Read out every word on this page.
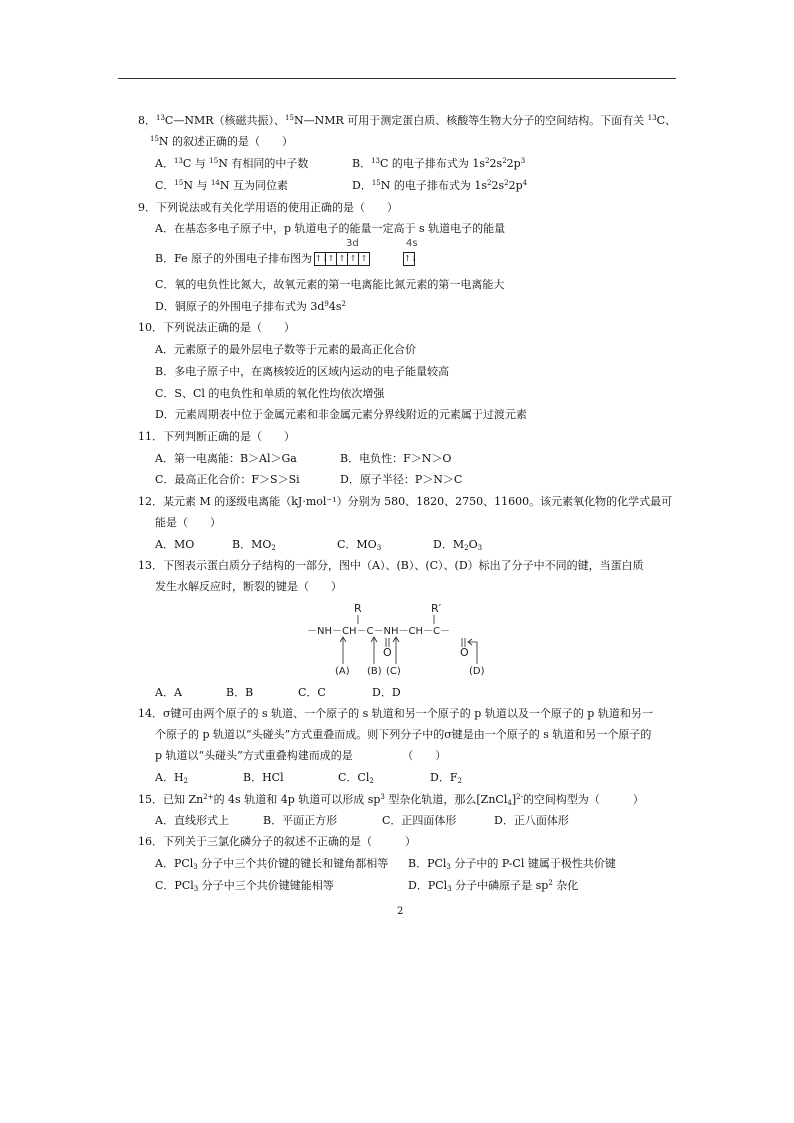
8．$^{13}$C—NMR（核磁共振）、$^{15}$N—NMR 可用于测定蛋白质、核酸等生物大分子的空间结构。下面有关 $^{13}$C、
$^{15}$N 的叙述正确的是（　　）
A．$^{13}$C 与 $^{15}$N 有相同的中子数	B．$^{13}$C 的电子排布式为 $1s^22s^22p^3$
C．$^{15}$N 与 $^{14}$N 互为同位素	D．$^{15}$N 的电子排布式为 $1s^22s^22p^4$
9．下列说法或有关化学用语的使用正确的是（　　）
A．在基态多电子原子中，p 轨道电子的能量一定高于 s 轨道电子的能量
B．Fe 原子的外围电子排布图为
3d	4s
↑↓↑ ↑ ↑ ↑	↑↓
C．氧的电负性比氮大，故氧元素的第一电离能比氮元素的第一电离能大
D．铜原子的外围电子排布式为 $3d^94s^2$
10．下列说法正确的是（　　）
A．元素原子的最外层电子数等于元素的最高正化合价
B．多电子原子中，在离核较近的区域内运动的电子能量较高
C．S、Cl 的电负性和单质的氧化性均依次增强
D．元素周期表中位于金属元素和非金属元素分界线附近的元素属于过渡元素
11．下列判断正确的是（　　）
A．第一电离能：B＞Al＞Ga	B．电负性：F＞N＞O
C．最高正化合价：F＞S＞Si	D．原子半径：P＞N＞C
12．某元素 M 的逐级电离能（kJ·mol⁻¹）分别为 580、1820、2750、11600。该元素氧化物的化学式最可
能是（　　）
A．MO	B．$MO_2$	C．$MO_3$	D．$M_2O_3$
13．下图表示蛋白质分子结构的一部分，图中（A）、(B）、(C）、(D）标出了分子中不同的键，当蛋白质
发生水解反应时，断裂的键是（　　）
R	R′
－NH－CH－C－NH－CH－C－
O	O
(A) (B) (C)	(D)
A．A	B．B	C．C	D．D
14．σ键可由两个原子的 s 轨道、一个原子的 s 轨道和另一个原子的 p 轨道以及一个原子的 p 轨道和另一
个原子的 p 轨道以“头碰头”方式重叠而成。则下列分子中的σ键是由一个原子的 s 轨道和另一个原子的
p 轨道以“头碰头”方式重叠构建而成的是　　　　　（　　）
A．$H_2$	B．HCl	C．$Cl_2$	D．$F_2$
15．已知 $Zn^{2+}$的 4s 轨道和 4p 轨道可以形成 $sp^3$ 型杂化轨道，那么[ZnCl$_4$]$^{2-}$的空间构型为（　　　）
A．直线形式上	B．平面正方形	C．正四面体形	D．正八面体形
16．下列关于三氯化磷分子的叙述不正确的是（　　　）
A．PCl$_3$ 分子中三个共价键的键长和键角都相等 B．PCl$_3$ 分子中的 P-Cl 键属于极性共价键
C．PCl$_3$ 分子中三个共价键键能相等	D．PCl$_3$ 分子中磷原子是 $sp^2$ 杂化
2
